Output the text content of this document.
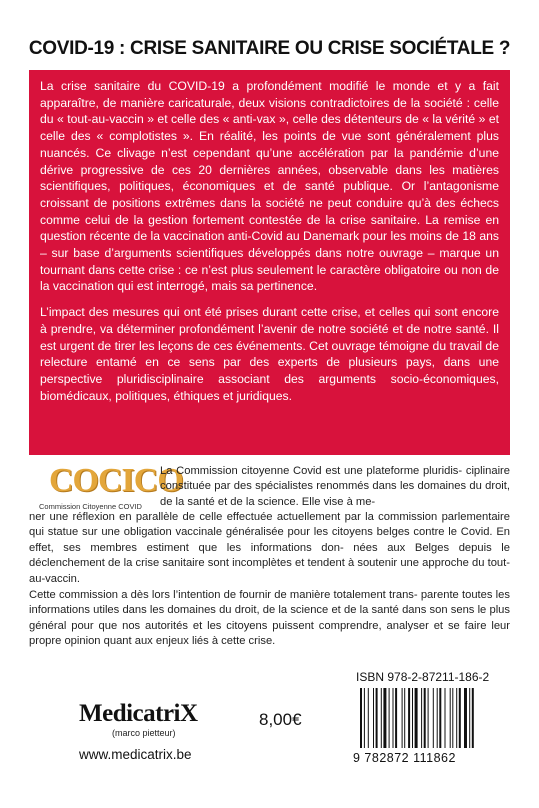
COVID-19 : CRISE SANITAIRE OU CRISE SOCIÉTALE ?

La crise sanitaire du COVID-19 a profondément modifié le monde et y a fait apparaître, de manière caricaturale, deux visions contradictoires de la société : celle du « tout-au-vaccin » et celle des « anti-vax », celle des détenteurs de « la vérité » et celle des « complotistes ». En réalité, les points de vue sont généralement plus nuancés. Ce clivage n’est cependant qu’une accélération par la pandémie d’une dérive progressive de ces 20 dernières années, observable dans les matières scientifiques, politiques, économiques et de santé publique. Or l’antagonisme croissant de positions extrêmes dans la société ne peut conduire qu’à des échecs comme celui de la gestion fortement contestée de la crise sanitaire. La remise en question récente de la vaccination anti-Covid au Danemark pour les moins de 18 ans – sur base d’arguments scientifiques développés dans notre ouvrage – marque un tournant dans cette crise : ce n’est plus seulement le caractère obligatoire ou non de la vaccination qui est interrogé, mais sa pertinence.

L’impact des mesures qui ont été prises durant cette crise, et celles qui sont encore à prendre, va déterminer profondément l’avenir de notre société et de notre santé. Il est urgent de tirer les leçons de ces événements. Cet ouvrage témoigne du travail de relecture entamé en ce sens par des experts de plusieurs pays, dans une perspective pluridisciplinaire associant des arguments socio-économiques, biomédicaux, politiques, éthiques et juridiques.

COCICO
Commission Citoyenne COVID

La Commission citoyenne Covid est une plateforme pluridis- ciplinaire constituée par des spécialistes renommés dans les domaines du droit, de la santé et de la science. Elle vise à me-

ner une réflexion en parallèle de celle effectuée actuellement par la commission parlementaire qui statue sur une obligation vaccinale généralisée pour les citoyens belges contre le Covid. En effet, ses membres estiment que les informations don- nées aux Belges depuis le déclenchement de la crise sanitaire sont incomplètes et tendent à soutenir une approche du tout-au-vaccin.

Cette commission a dès lors l’intention de fournir de manière totalement trans- parente toutes les informations utiles dans les domaines du droit, de la science et de la santé dans son sens le plus général pour que nos autorités et les citoyens puissent comprendre, analyser et se faire leur propre opinion quant aux enjeux liés à cette crise.

ISBN 978-2-87211-186-2
9 782872 111862
8,00€
MedicatriX
(marco pietteur)
www.medicatrix.be
